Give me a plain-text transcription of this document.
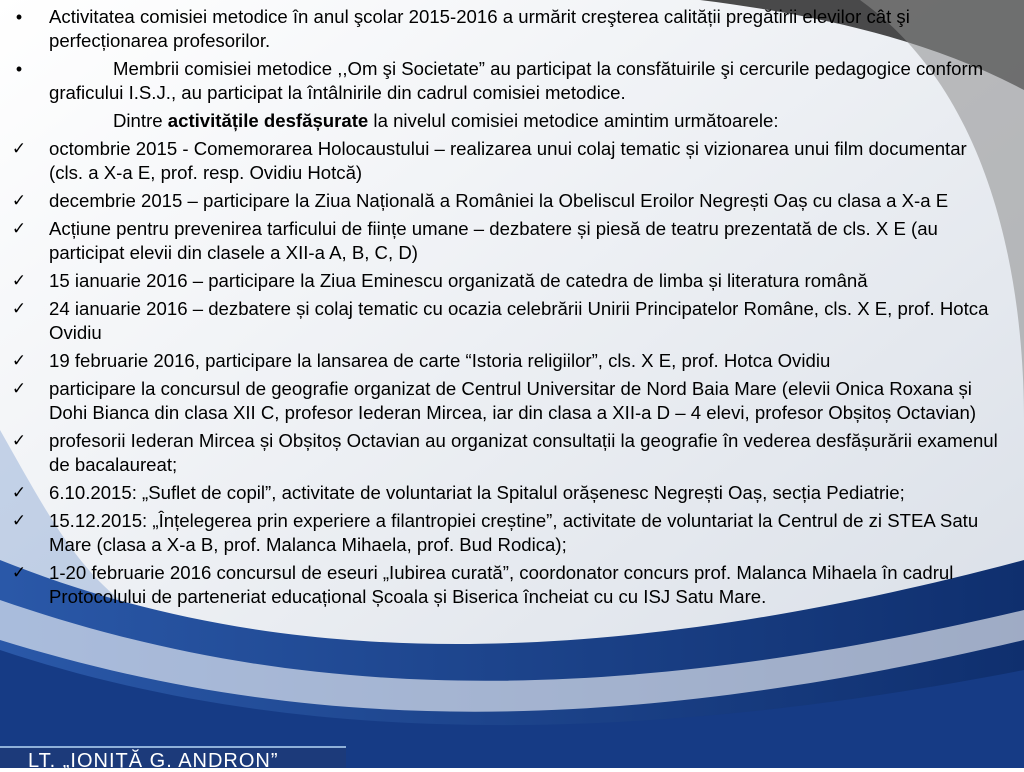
•	Activitatea comisiei metodice în anul şcolar 2015-2016 a urmărit creşterea calității pregătirii elevilor cât şi perfecționarea profesorilor.
•	Membrii comisiei metodice ,,Om şi Societate” au participat la consfătuirile şi cercurile pedagogice conform graficului I.S.J., au participat la întâlnirile din cadrul comisiei metodice.
Dintre activitățile desfășurate la nivelul comisiei metodice amintim următoarele:
✓ octombrie 2015 - Comemorarea Holocaustului – realizarea unui colaj tematic și vizionarea unui film documentar (cls. a X-a E, prof. resp. Ovidiu Hotcă)
✓ decembrie 2015 – participare la Ziua Națională a României la Obeliscul Eroilor Negrești Oaș cu clasa a X-a E
✓ Acțiune pentru prevenirea tarficului de ființe umane – dezbatere și piesă de teatru prezentată de cls. X E (au participat elevii din clasele a XII-a A, B, C, D)
✓ 15 ianuarie 2016 – participare la Ziua Eminescu organizată de catedra de limba și literatura română
✓ 24 ianuarie 2016 – dezbatere și colaj tematic cu ocazia celebrării Unirii Principatelor Române, cls. X E, prof. Hotca Ovidiu
✓ 19 februarie 2016, participare la lansarea de carte “Istoria religiilor”, cls. X E, prof. Hotca Ovidiu
✓ participare la concursul de geografie organizat de Centrul Universitar de Nord Baia Mare (elevii Onica Roxana și Dohi Bianca din clasa XII C, profesor Iederan Mircea, iar din clasa a XII-a D – 4 elevi, profesor Obșitoș Octavian)
✓ profesorii Iederan Mircea și Obșitoș Octavian au organizat consultații la geografie în vederea desfășurării examenul de bacalaureat;
✓ 6.10.2015: „Suflet de copil”, activitate de voluntariat la Spitalul orășenesc Negrești Oaș, secția Pediatrie;
✓ 15.12.2015: „Înțelegerea prin experiere a filantropiei creștine”, activitate de voluntariat la Centrul de zi STEA Satu Mare (clasa a X-a B, prof. Malanca Mihaela, prof. Bud Rodica);
✓ 1-20 februarie 2016 concursul de eseuri „Iubirea curată”, coordonator concurs prof. Malanca Mihaela în cadrul Protocolului de parteneriat educațional Școala și Biserica încheiat cu cu ISJ Satu Mare.
LT. „IONIȚĂ G. ANDRON”
